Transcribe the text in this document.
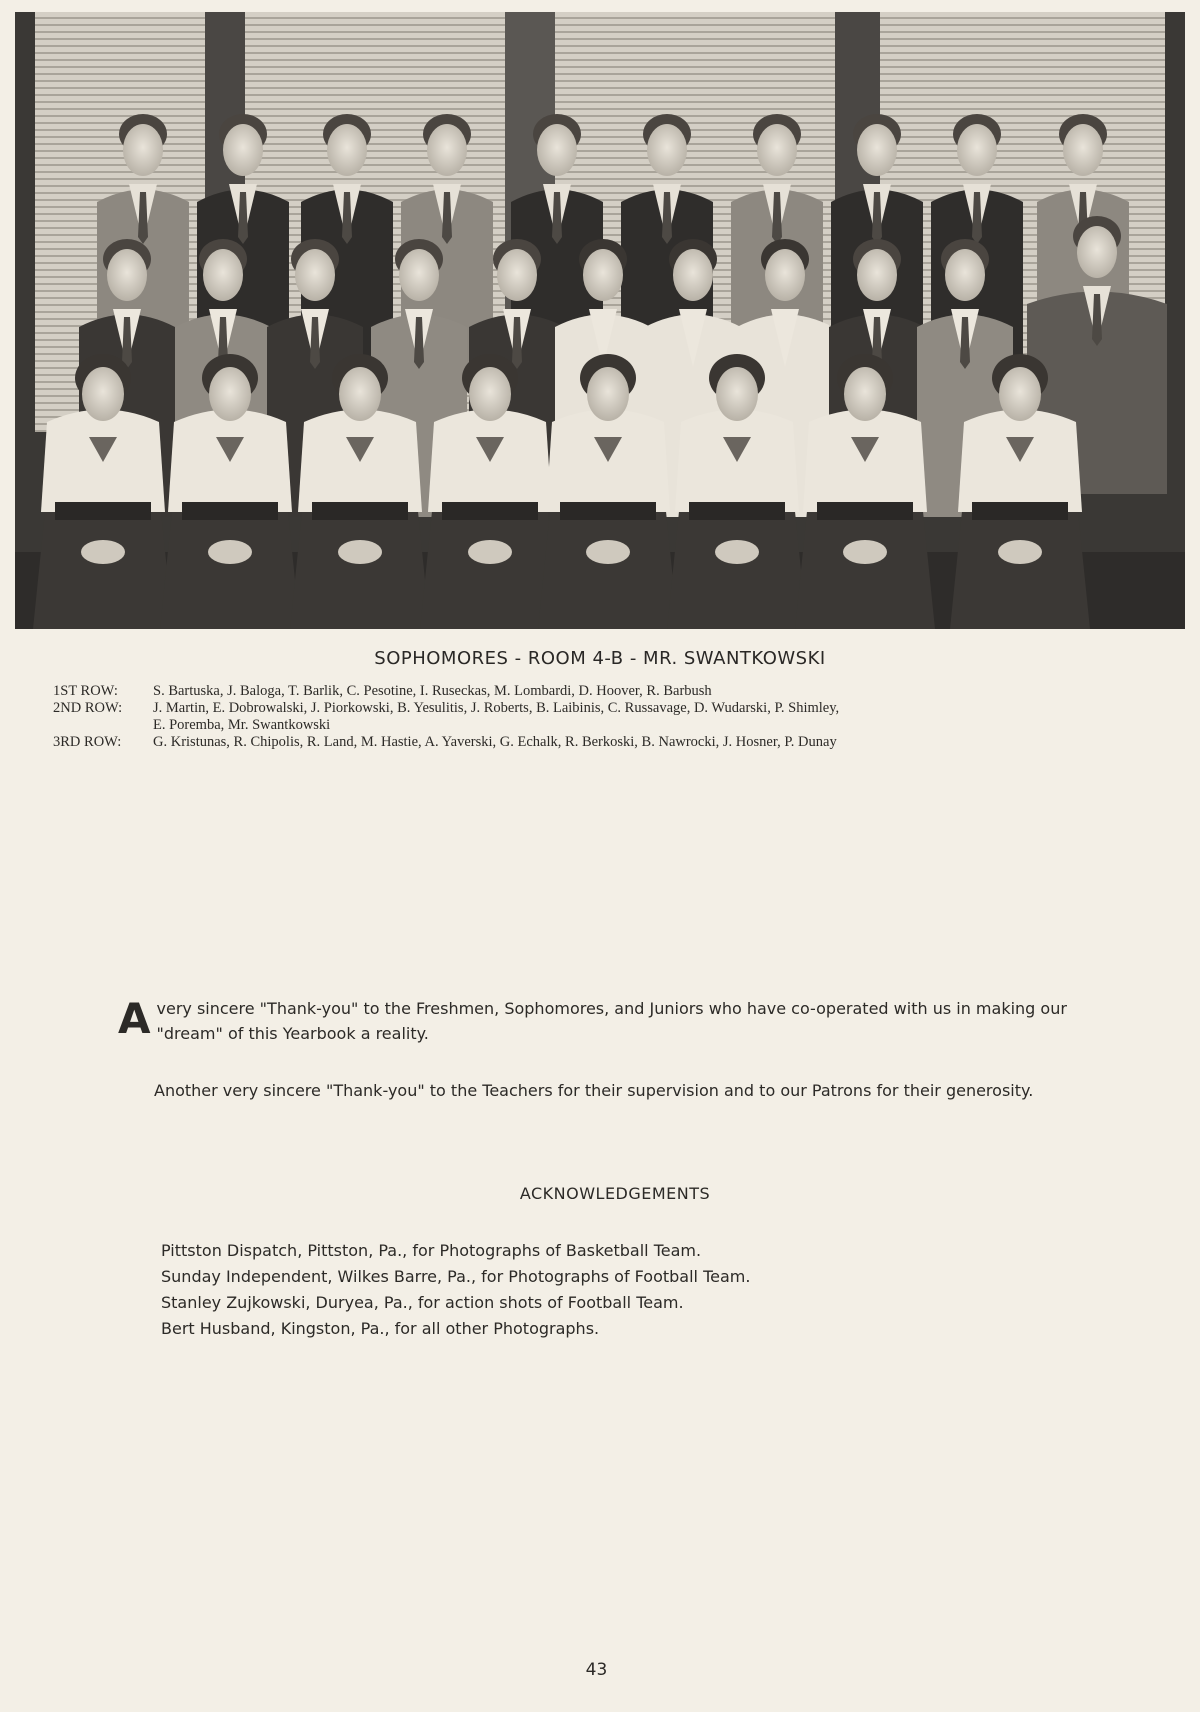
SOPHOMORES - ROOM 4-B - MR. SWANTKOWSKI
1ST ROW:	S. Bartuska, J. Baloga, T. Barlik, C. Pesotine, I. Ruseckas, M. Lombardi, D. Hoover, R. Barbush
2ND ROW:	J. Martin, E. Dobrowalski, J. Piorkowski, B. Yesulitis, J. Roberts, B. Laibinis, C. Russavage, D. Wudarski, P. Shimley,
E. Poremba, Mr. Swantkowski
3RD ROW:	G. Kristunas, R. Chipolis, R. Land, M. Hastie, A. Yaverski, G. Echalk, R. Berkoski, B. Nawrocki, J. Hosner, P. Dunay
A very sincere "Thank-you" to the Freshmen, Sophomores, and Juniors who have co-operated with us in making our "dream" of this Yearbook a reality.
Another very sincere "Thank-you" to the Teachers for their supervision and to our Patrons for their generosity.
ACKNOWLEDGEMENTS
Pittston Dispatch, Pittston, Pa., for Photographs of Basketball Team.
Sunday Independent, Wilkes Barre, Pa., for Photographs of Football Team.
Stanley Zujkowski, Duryea, Pa., for action shots of Football Team.
Bert Husband, Kingston, Pa., for all other Photographs.
43
